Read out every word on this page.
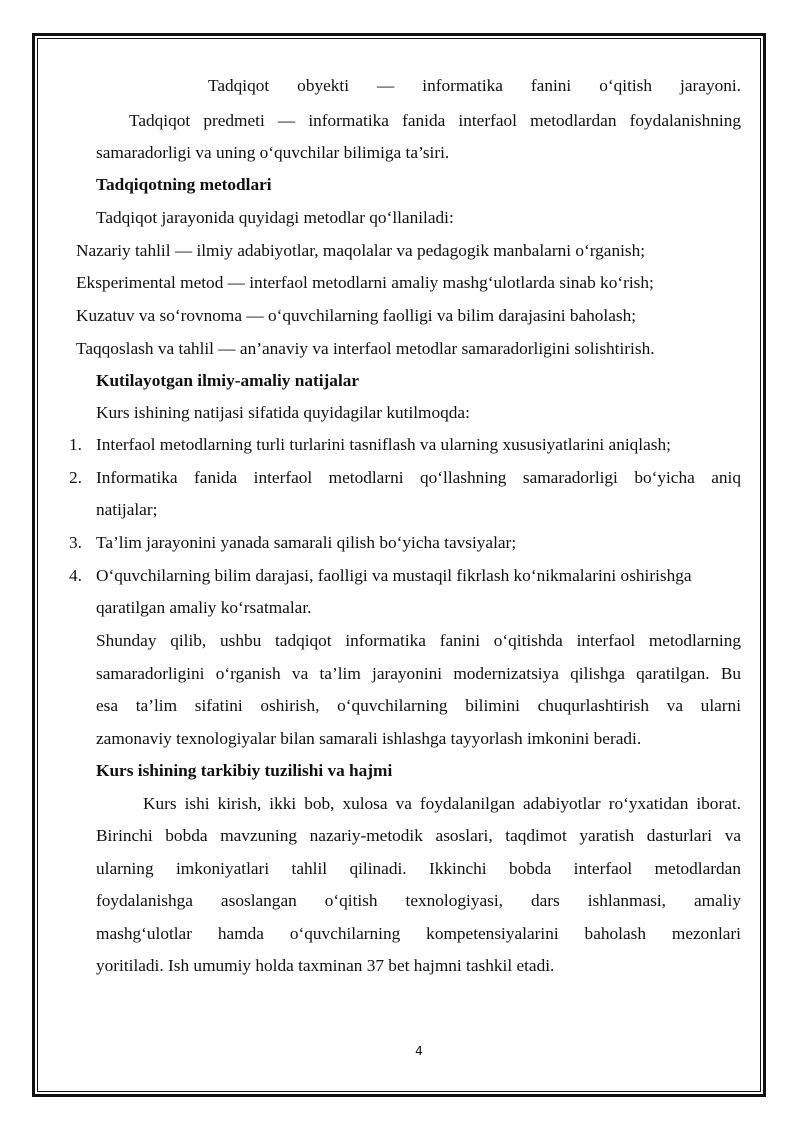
Tadqiqot obyekti — informatika fanini o‘qitish jarayoni.
Tadqiqot predmeti — informatika fanida interfaol metodlardan foydalanishning
samaradorligi va uning o‘quvchilar bilimiga ta’siri.
Tadqiqotning metodlari
Tadqiqot jarayonida quyidagi metodlar qo‘llaniladi:
Nazariy tahlil — ilmiy adabiyotlar, maqolalar va pedagogik manbalarni o‘rganish;
Eksperimental metod — interfaol metodlarni amaliy mashg‘ulotlarda sinab ko‘rish;
Kuzatuv va so‘rovnoma — o‘quvchilarning faolligi va bilim darajasini baholash;
Taqqoslash va tahlil — an’anaviy va interfaol metodlar samaradorligini solishtirish.
Kutilayotgan ilmiy-amaliy natijalar
Kurs ishining natijasi sifatida quyidagilar kutilmoqda:
1. Interfaol metodlarning turli turlarini tasniflash va ularning xususiyatlarini aniqlash;
2. Informatika fanida interfaol metodlarni qo‘llashning samaradorligi bo‘yicha aniq
natijalar;
3. Ta’lim jarayonini yanada samarali qilish bo‘yicha tavsiyalar;
4. O‘quvchilarning bilim darajasi, faolligi va mustaqil fikrlash ko‘nikmalarini oshirishga
qaratilgan amaliy ko‘rsatmalar.
Shunday qilib, ushbu tadqiqot informatika fanini o‘qitishda interfaol metodlarning
samaradorligini o‘rganish va ta’lim jarayonini modernizatsiya qilishga qaratilgan. Bu
esa ta’lim sifatini oshirish, o‘quvchilarning bilimini chuqurlashtirish va ularni
zamonaviy texnologiyalar bilan samarali ishlashga tayyorlash imkonini beradi.
Kurs ishining tarkibiy tuzilishi va hajmi
Kurs ishi kirish, ikki bob, xulosa va foydalanilgan adabiyotlar ro‘yxatidan iborat.
Birinchi bobda mavzuning nazariy-metodik asoslari, taqdimot yaratish dasturlari va
ularning imkoniyatlari tahlil qilinadi. Ikkinchi bobda interfaol metodlardan
foydalanishga asoslangan o‘qitish texnologiyasi, dars ishlanmasi, amaliy
mashg‘ulotlar hamda o‘quvchilarning kompetensiyalarini baholash mezonlari
yoritiladi. Ish umumiy holda taxminan 37 bet hajmni tashkil etadi.
4
